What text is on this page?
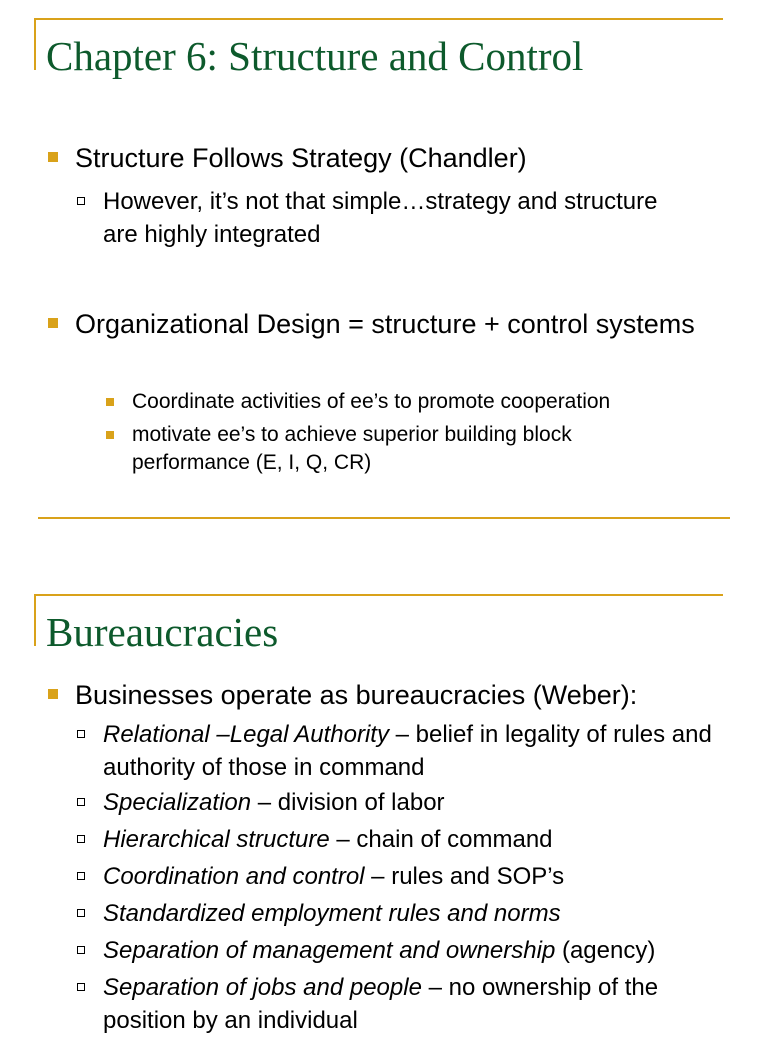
Chapter 6: Structure and Control
Structure Follows Strategy (Chandler)
However, it’s not that simple…strategy and structure are highly integrated
Organizational Design = structure + control systems
Coordinate activities of ee’s to promote cooperation
motivate ee’s to achieve superior building block performance (E, I, Q, CR)
Bureaucracies
Businesses operate as bureaucracies (Weber):
Relational –Legal Authority – belief in legality of rules and authority of those in command
Specialization – division of labor
Hierarchical structure – chain of command
Coordination and control – rules and SOP’s
Standardized employment rules and norms
Separation of management and ownership (agency)
Separation of jobs and people – no ownership of the position by an individual
